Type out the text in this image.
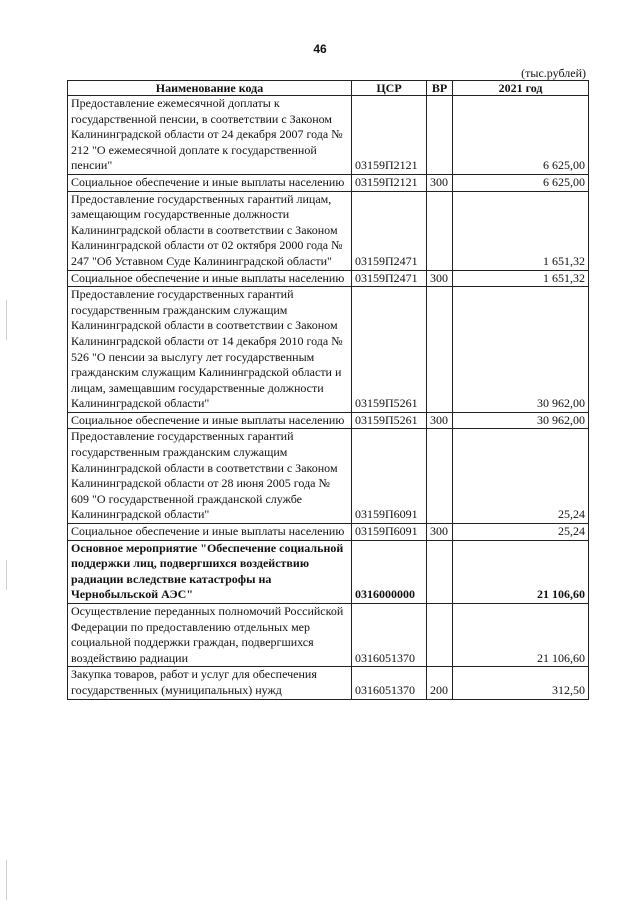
46
(тыс.рублей)
Наименование кода	ЦСР	ВР	2021 год
Предоставление ежемесячной доплаты к государственной пенсии, в соответствии с Законом Калининградской области от 24 декабря 2007 года № 212 "О ежемесячной доплате к государственной пенсии"	03159П2121		6 625,00
Социальное обеспечение и иные выплаты населению	03159П2121	300	6 625,00
Предоставление государственных гарантий лицам, замещающим государственные должности Калининградской области в соответствии с Законом Калининградской области от 02 октября 2000 года № 247 "Об Уставном Суде Калининградской области"	03159П2471		1 651,32
Социальное обеспечение и иные выплаты населению	03159П2471	300	1 651,32
Предоставление государственных гарантий государственным гражданским служащим Калининградской области в соответствии с Законом Калининградской области от 14 декабря 2010 года № 526 "О пенсии за выслугу лет государственным гражданским служащим Калининградской области и лицам, замещавшим государственные должности Калининградской области"	03159П5261		30 962,00
Социальное обеспечение и иные выплаты населению	03159П5261	300	30 962,00
Предоставление государственных гарантий государственным гражданским служащим Калининградской области в соответствии с Законом Калининградской области от 28 июня 2005 года № 609 "О государственной гражданской службе Калининградской области"	03159П6091		25,24
Социальное обеспечение и иные выплаты населению	03159П6091	300	25,24
Основное мероприятие "Обеспечение социальной поддержки лиц, подвергшихся воздействию радиации вследствие катастрофы на Чернобыльской АЭС"	0316000000		21 106,60
Осуществление переданных полномочий Российской Федерации по предоставлению отдельных мер социальной поддержки граждан, подвергшихся воздействию радиации	0316051370		21 106,60
Закупка товаров, работ и услуг для обеспечения государственных (муниципальных) нужд	0316051370	200	312,50
